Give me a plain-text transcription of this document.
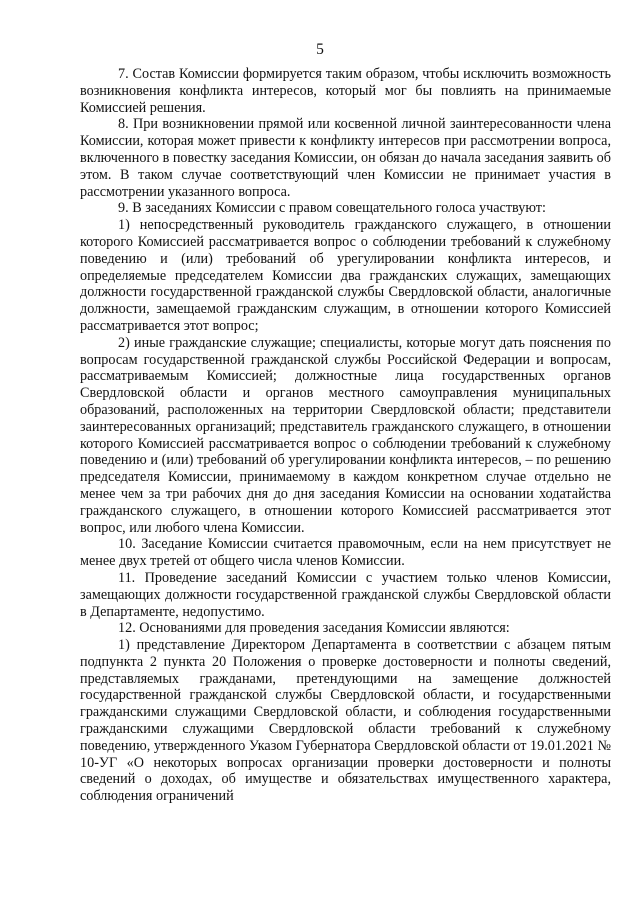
5

7. Состав Комиссии формируется таким образом, чтобы исключить возможность возникновения конфликта интересов, который мог бы повлиять на принимаемые Комиссией решения.

8. При возникновении прямой или косвенной личной заинтересованности члена Комиссии, которая может привести к конфликту интересов при рассмотрении вопроса, включенного в повестку заседания Комиссии, он обязан до начала заседания заявить об этом. В таком случае соответствующий член Комиссии не принимает участия в рассмотрении указанного вопроса.

9. В заседаниях Комиссии с правом совещательного голоса участвуют:

1) непосредственный руководитель гражданского служащего, в отношении которого Комиссией рассматривается вопрос о соблюдении требований к служебному поведению и (или) требований об урегулировании конфликта интересов, и определяемые председателем Комиссии два гражданских служащих, замещающих должности государственной гражданской службы Свердловской области, аналогичные должности, замещаемой гражданским служащим, в отношении которого Комиссией рассматривается этот вопрос;

2) иные гражданские служащие; специалисты, которые могут дать пояснения по вопросам государственной гражданской службы Российской Федерации и вопросам, рассматриваемым Комиссией; должностные лица государственных органов Свердловской области и органов местного самоуправления муниципальных образований, расположенных на территории Свердловской области; представители заинтересованных организаций; представитель гражданского служащего, в отношении которого Комиссией рассматривается вопрос о соблюдении требований к служебному поведению и (или) требований об урегулировании конфликта интересов, – по решению председателя Комиссии, принимаемому в каждом конкретном случае отдельно не менее чем за три рабочих дня до дня заседания Комиссии на основании ходатайства гражданского служащего, в отношении которого Комиссией рассматривается этот вопрос, или любого члена Комиссии.

10. Заседание Комиссии считается правомочным, если на нем присутствует не менее двух третей от общего числа членов Комиссии.

11. Проведение заседаний Комиссии с участием только членов Комиссии, замещающих должности государственной гражданской службы Свердловской области в Департаменте, недопустимо.

12. Основаниями для проведения заседания Комиссии являются:

1) представление Директором Департамента в соответствии с абзацем пятым подпункта 2 пункта 20 Положения о проверке достоверности и полноты сведений, представляемых гражданами, претендующими на замещение должностей государственной гражданской службы Свердловской области, и государственными гражданскими служащими Свердловской области, и соблюдения государственными гражданскими служащими Свердловской области требований к служебному поведению, утвержденного Указом Губернатора Свердловской области от 19.01.2021 № 10-УГ «О некоторых вопросах организации проверки достоверности и полноты сведений о доходах, об имуществе и обязательствах имущественного характера, соблюдения ограничений
